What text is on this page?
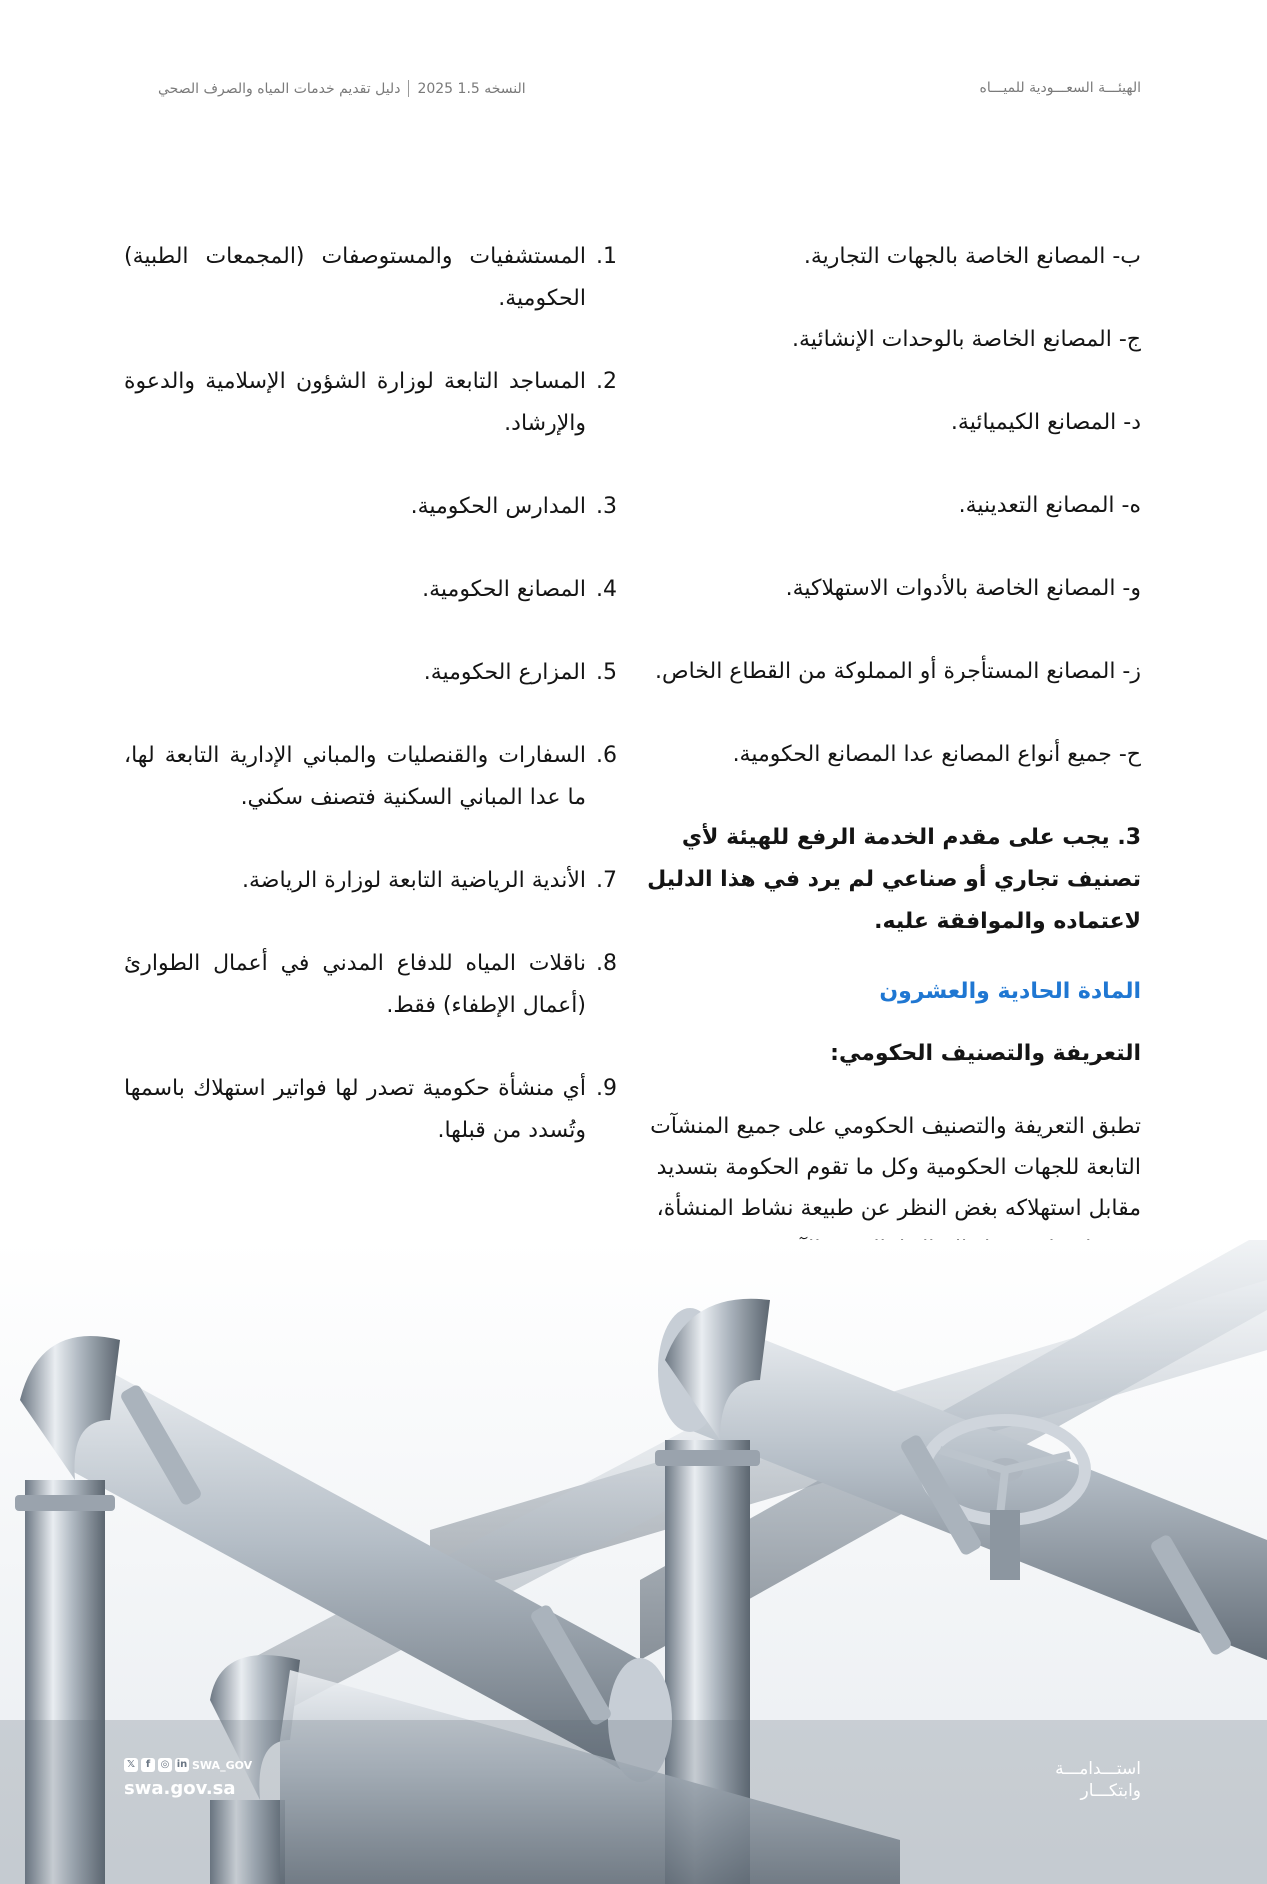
الهيئـــة السعـــودية للميـــاه
دليل تقديم خدمات المياه والصرف الصحي النسخه 1.5 2025
ب- المصانع الخاصة بالجهات التجارية.
ج- المصانع الخاصة بالوحدات الإنشائية.
د- المصانع الكيميائية.
ه- المصانع التعدينية.
و- المصانع الخاصة بالأدوات الاستهلاكية.
ز- المصانع المستأجرة أو المملوكة من القطاع الخاص.
ح- جميع أنواع المصانع عدا المصانع الحكومية.
3. يجب على مقدم الخدمة الرفع للهيئة لأي تصنيف تجاري أو صناعي لم يرد في هذا الدليل لاعتماده والموافقة عليه.
المادة الحادية والعشرون
التعريفة والتصنيف الحكومي:
تطبق التعريفة والتصنيف الحكومي على جميع المنشآت التابعة للجهات الحكومية وكل ما تقوم الحكومة بتسديد مقابل استهلاكه بغض النظر عن طبيعة نشاط المنشأة،
1.
المستشفيات والمستوصفات (المجمعات الطبية) الحكومية.
2.
المساجد التابعة لوزارة الشؤون الإسلامية والدعوة والإرشاد.
3.
المدارس الحكومية.
4.
المصانع الحكومية.
5.
المزارع الحكومية.
6.
السفارات والقنصليات والمباني الإدارية التابعة لها، ما عدا المباني السكنية فتصنف سكني.
7.
الأندية الرياضية التابعة لوزارة الرياضة.
8.
ناقلات المياه للدفاع المدني في أعمال الطوارئ (أعمال الإطفاء) فقط.
9.
أي منشأة حكومية تصدر لها فواتير استهلاك باسمها وتُسدد من قبلها.
استـــدامـــة
وابتكـــار
𝕏	f	◎ in SWA_GOV
swa.gov.sa
